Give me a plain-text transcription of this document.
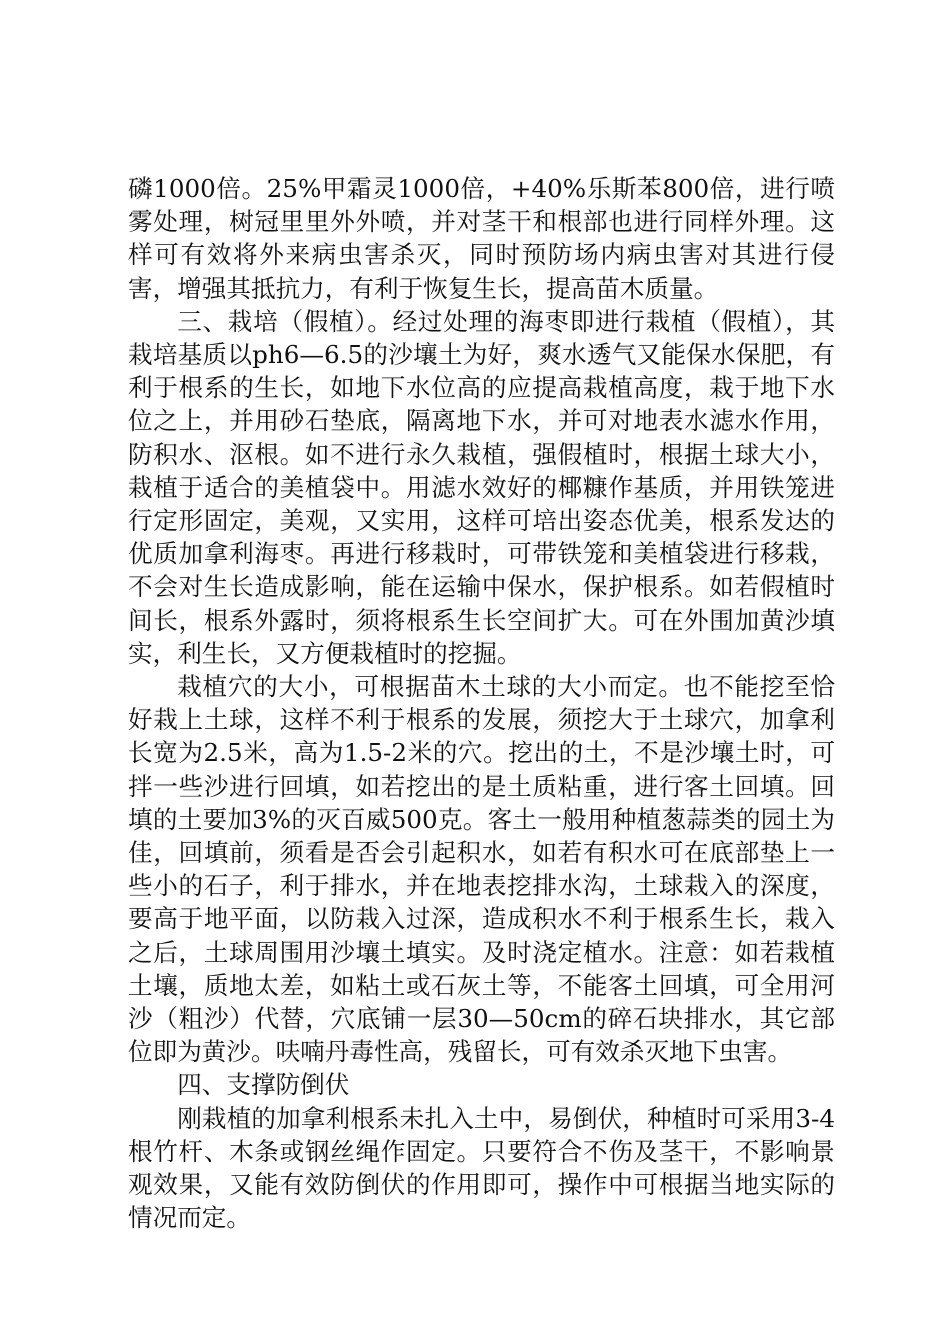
磷1000倍。25%甲霜灵1000倍，+40%乐斯苯800倍，进行喷雾处理，树冠里里外外喷，并对茎干和根部也进行同样外理。这样可有效将外来病虫害杀灭，同时预防场内病虫害对其进行侵害，增强其抵抗力，有利于恢复生长，提高苗木质量。

三、栽培（假植）。经过处理的海枣即进行栽植（假植），其栽培基质以ph6—6.5的沙壤土为好，爽水透气又能保水保肥，有利于根系的生长，如地下水位高的应提高栽植高度，栽于地下水位之上，并用砂石垫底，隔离地下水，并可对地表水滤水作用，防积水、沤根。如不进行永久栽植，强假植时，根据土球大小，栽植于适合的美植袋中。用滤水效好的椰糠作基质，并用铁笼进行定形固定，美观，又实用，这样可培出姿态优美，根系发达的优质加拿利海枣。再进行移栽时，可带铁笼和美植袋进行移栽，不会对生长造成影响，能在运输中保水，保护根系。如若假植时间长，根系外露时，须将根系生长空间扩大。可在外围加黄沙填实，利生长，又方便栽植时的挖掘。

栽植穴的大小，可根据苗木土球的大小而定。也不能挖至恰好栽上土球，这样不利于根系的发展，须挖大于土球穴，加拿利长宽为2.5米，高为1.5-2米的穴。挖出的土，不是沙壤土时，可拌一些沙进行回填，如若挖出的是土质粘重，进行客土回填。回填的土要加3%的灭百威500克。客土一般用种植葱蒜类的园土为佳，回填前，须看是否会引起积水，如若有积水可在底部垫上一些小的石子，利于排水，并在地表挖排水沟，土球栽入的深度，要高于地平面，以防栽入过深，造成积水不利于根系生长，栽入之后，土球周围用沙壤土填实。及时浇定植水。注意：如若栽植土壤，质地太差，如粘土或石灰土等，不能客土回填，可全用河沙（粗沙）代替，穴底铺一层30—50cm的碎石块排水，其它部位即为黄沙。呋喃丹毒性高，残留长，可有效杀灭地下虫害。

四、支撑防倒伏

刚栽植的加拿利根系未扎入土中，易倒伏，种植时可采用3-4根竹杆、木条或钢丝绳作固定。只要符合不伤及茎干，不影响景观效果，又能有效防倒伏的作用即可，操作中可根据当地实际的情况而定。
